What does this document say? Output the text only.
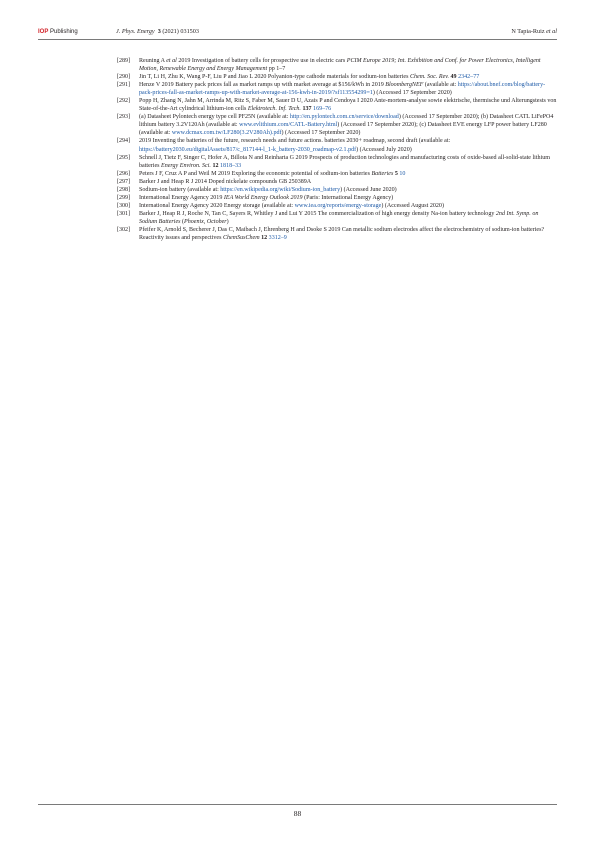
IOP Publishing	J. Phys. Energy 3 (2021) 031503	N Tapia-Ruiz et al

[289] Reuning A et al 2019 Investigation of battery cells for prospective use in electric cars PCIM Europe 2019; Int. Exhibition and Conf. for Power Electronics, Intelligent Motion, Renewable Energy and Energy Management pp 1–7

[290] Jin T, Li H, Zhu K, Wang P-F, Liu P and Jiao L 2020 Polyanion-type cathode materials for sodium-ion batteries Chem. Soc. Rev. 49 2342–77

[291] Henze V 2019 Battery pack prices fall as market ramps up with market average at $156/kWh in 2019 BloombergNEF (available at: https://about.bnef.com/blog/battery-pack-prices-fall-as-market-ramps-up-with-market-average-at-156-kwh-in-2019/?sf113554299=1) (Accessed 17 September 2020)

[292] Popp H, Zhang N, Jahn M, Arrinda M, Ritz S, Faber M, Sauer D U, Azais P and Cendoya I 2020 Ante-mortem-analyse sowie elektrische, thermische und Alterungstests von State-of-the-Art cylindrical lithium-ion cells Elektrotech. Inf. Tech. 137 169–76

[293] (a) Datasheet Pylontech energy type cell PF25N (available at: http://en.pylontech.com.cn/service/download) (Accessed 17 September 2020); (b) Datasheet CATL LiFePO4 lithium battery 3.2V120Ah (available at: www.evlithium.com/CATL-Battery.html) (Accessed 17 September 2020); (c) Datasheet EVE energy LFP power battery LF280 (available at: www.dcmax.com.tw/LF280(3.2V280Ah).pdf) (Accessed 17 September 2020)

[294] 2019 Inventing the batteries of the future, research needs and future actions. batteries 2030+ roadmap, second draft (available at: https://battery2030.eu/digitalAssets/817/c_817144-l_1-k_battery-2030_roadmap-v2.1.pdf) (Accessed July 2020)

[295] Schnell J, Tietz F, Singer C, Hofer A, Billota N and Reinharta G 2019 Prospects of production technologies and manufacturing costs of oxide-based all-solid-state lithium batteries Energy Environ. Sci. 12 1818–33

[296] Peters J F, Cruz A P and Weil M 2019 Exploring the economic potential of sodium-ion batteries Batteries 5 10

[297] Barker J and Heap R J 2014 Doped nickelate compounds GB 250389A

[298] Sodium-ion battery (available at: https://en.wikipedia.org/wiki/Sodium-ion_battery) (Accessed June 2020)

[299] International Energy Agency 2019 IEA World Energy Outlook 2019 (Paris: International Energy Agency)

[300] International Energy Agency 2020 Energy storage (available at: www.iea.org/reports/energy-storage) (Accessed August 2020)

[301] Barker J, Heap R J, Roche N, Tan C, Sayers R, Whitley J and Lui Y 2015 The commercialization of high energy density Na-ion battery technology 2nd Int. Symp. on Sodium Batteries (Phoenix, October)

[302] Pfeifer K, Arnold S, Becherer J, Das C, Maibach J, Ehrenberg H and Dsoke S 2019 Can metallic sodium electrodes affect the electrochemistry of sodium-ion batteries? Reactivity issues and perspectives ChemSusChem 12 3312–9

88
